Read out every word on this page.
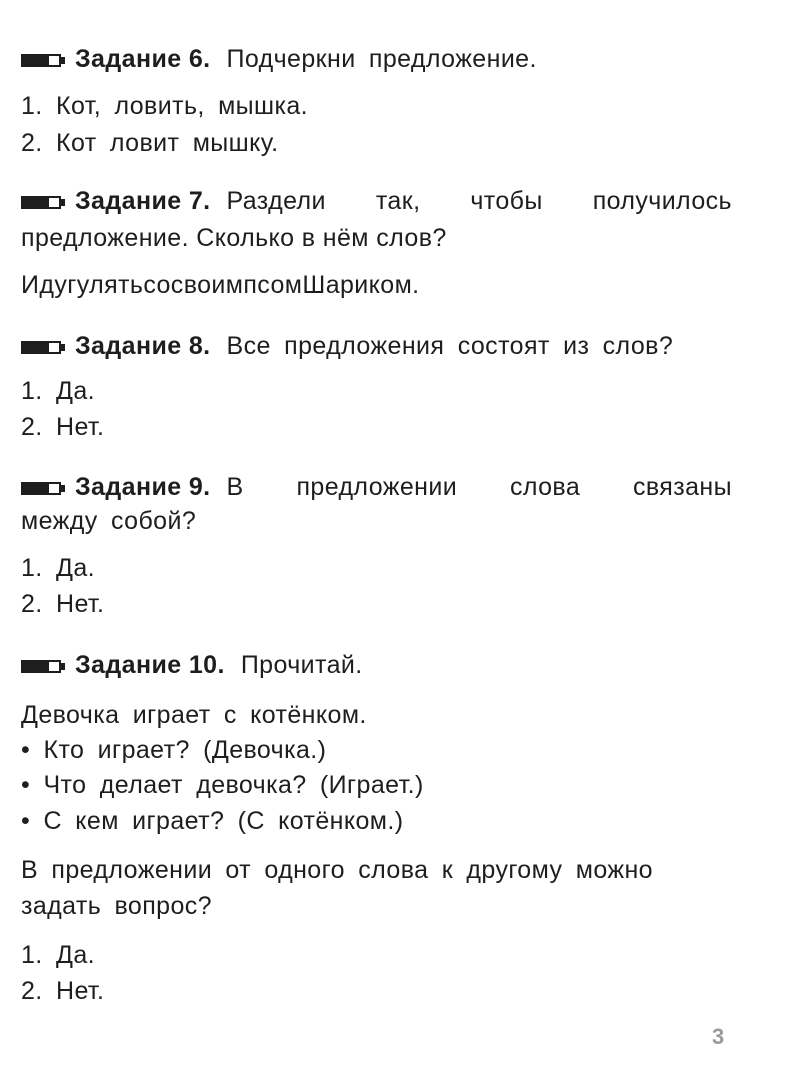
Задание 6. Подчеркни предложение.
1. Кот, ловить, мышка.
2. Кот ловит мышку.
Задание 7. Раздели так, чтобы получилось
предложение. Сколько в нём слов?
ИдугулятьсосвоимпсомШариком.
Задание 8. Все предложения состоят из слов?
1. Да.
2. Нет.
Задание 9. В предложении слова связаны
между собой?
1. Да.
2. Нет.
Задание 10. Прочитай.
Девочка играет с котёнком.
• Кто играет? (Девочка.)
• Что делает девочка? (Играет.)
• С кем играет? (С котёнком.)
В предложении от одного слова к другому можно
задать вопрос?
1. Да.
2. Нет.
3
